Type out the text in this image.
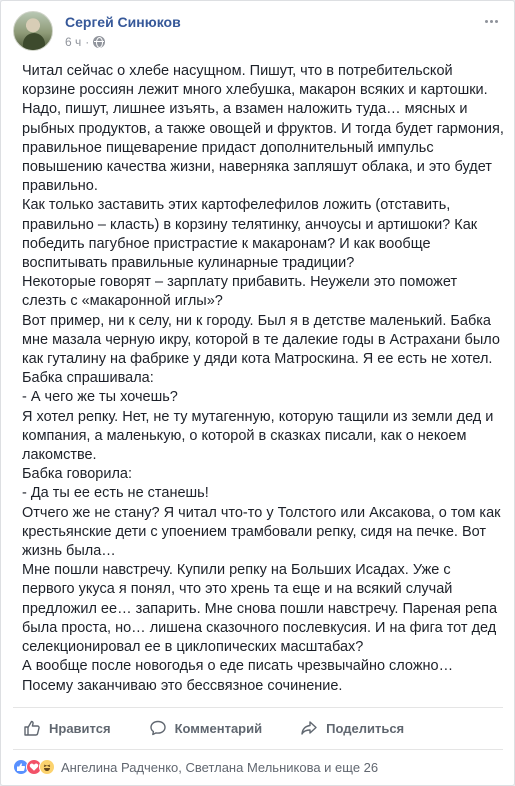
Сергей Синюков
6 ч ·

Читал сейчас о хлебе насущном. Пишут, что в потребительской корзине россиян лежит много хлебушка, макарон всяких и картошки. Надо, пишут, лишнее изъять, а взамен наложить туда… мясных и рыбных продуктов, а также овощей и фруктов. И тогда будет гармония, правильное пищеварение придаст дополнительный импульс повышению качества жизни, наверняка запляшут облака, и это будет правильно.

Как только заставить этих картофелефилов ложить (отставить, правильно – класть) в корзину телятинку, анчоусы и артишоки? Как победить пагубное пристрастие к макаронам? И как вообще воспитывать правильные кулинарные традиции?

Некоторые говорят – зарплату прибавить. Неужели это поможет слезть с «макаронной иглы»?

Вот пример, ни к селу, ни к городу. Был я в детстве маленький. Бабка мне мазала черную икру, которой в те далекие годы в Астрахани было как гуталину на фабрике у дяди кота Матроскина. Я ее есть не хотел. Бабка спрашивала:

- А чего же ты хочешь?

Я хотел репку. Нет, не ту мутагенную, которую тащили из земли дед и компания, а маленькую, о которой в сказках писали, как о некоем лакомстве.

Бабка говорила:

- Да ты ее есть не станешь!

Отчего же не стану? Я читал что-то у Толстого или Аксакова, о том как крестьянские дети с упоением трамбовали репку, сидя на печке. Вот жизнь была…

Мне пошли навстречу. Купили репку на Больших Исадах. Уже с первого укуса я понял, что это хрень та еще и на всякий случай предложил ее… запарить. Мне снова пошли навстречу. Пареная репа была проста, но… лишена сказочного послевкусия. И на фига тот дед селекционировал ее в циклопических масштабах?

А вообще после новогодья о еде писать чрезвычайно сложно… Посему заканчиваю это бессвязное сочинение.

Нравится	Комментарий	Поделиться
Ангелина Радченко, Светлана Мельникова и еще 26
